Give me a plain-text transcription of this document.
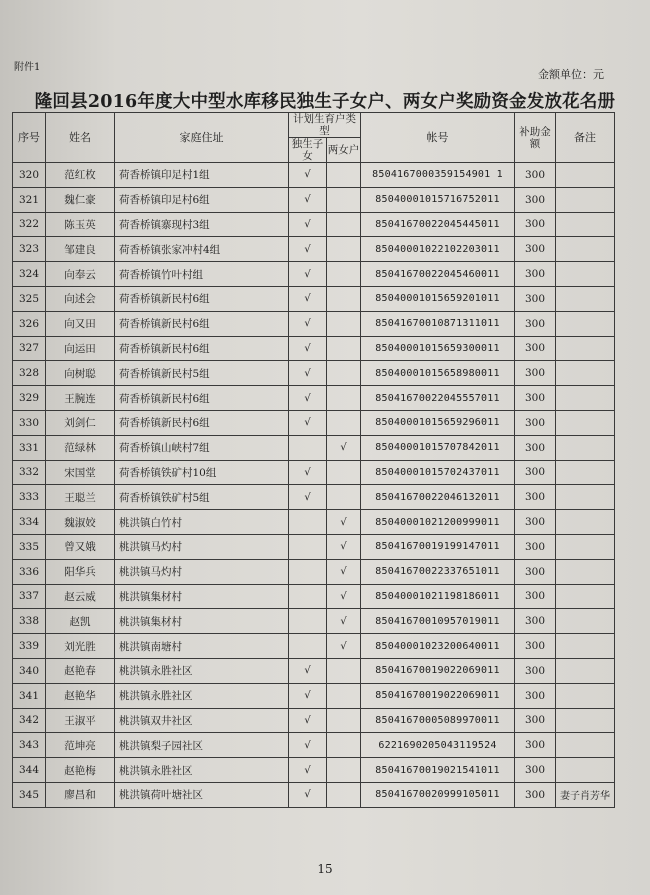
附件1
金额单位：元
隆回县2016年度大中型水库移民独生子女户、两女户奖励资金发放花名册
序号	姓名	家庭住址	计划生育户类型		帐号	补助金额	备注
			独生子女	两女户			
320	范红枚	荷香桥镇印足村1组	√		8504167000359154901 1	300	
321	魏仁豪	荷香桥镇印足村6组	√		85040001015716752011	300	
322	陈玉英	荷香桥镇寨现村3组	√		85041670022045445011	300	
323	邹建良	荷香桥镇张家冲村4组	√		85040001022102203011	300	
324	向奉云	荷香桥镇竹叶村组	√		85041670022045460011	300	
325	向述会	荷香桥镇新民村6组	√		85040001015659201011	300	
326	向又田	荷香桥镇新民村6组	√		85041670010871311011	300	
327	向运田	荷香桥镇新民村6组	√		85040001015659300011	300	
328	向树聪	荷香桥镇新民村5组	√		85040001015658980011	300	
329	王腕连	荷香桥镇新民村6组	√		85041670022045557011	300	
330	刘剑仁	荷香桥镇新民村6组	√		85040001015659296011	300	
331	范绿林	荷香桥镇山峡村7组		√	85040001015707842011	300	
332	宋国堂	荷香桥镇铁矿村10组	√		85040001015702437011	300	
333	王聪兰	荷香桥镇铁矿村5组	√		85041670022046132011	300	
334	魏淑姣	桃洪镇白竹村		√	85040001021200999011	300	
335	曾又娥	桃洪镇马灼村		√	85041670019199147011	300	
336	阳华兵	桃洪镇马灼村		√	85041670022337651011	300	
337	赵云威	桃洪镇集材村		√	85040001021198186011	300	
338	赵凯	桃洪镇集材村		√	85041670010957019011	300	
339	刘光胜	桃洪镇南塘村		√	85040001023200640011	300	
340	赵艳春	桃洪镇永胜社区	√		85041670019022069011	300	
341	赵艳华	桃洪镇永胜社区	√		85041670019022069011	300	
342	王淑平	桃洪镇双井社区	√		85041670005089970011	300	
343	范坤亮	桃洪镇梨子园社区	√		6221690205043119524	300	
344	赵艳梅	桃洪镇永胜社区	√		85041670019021541011	300	
345	廖昌和	桃洪镇荷叶塘社区	√		85041670020999105011	300	妻子肖芳华
15
